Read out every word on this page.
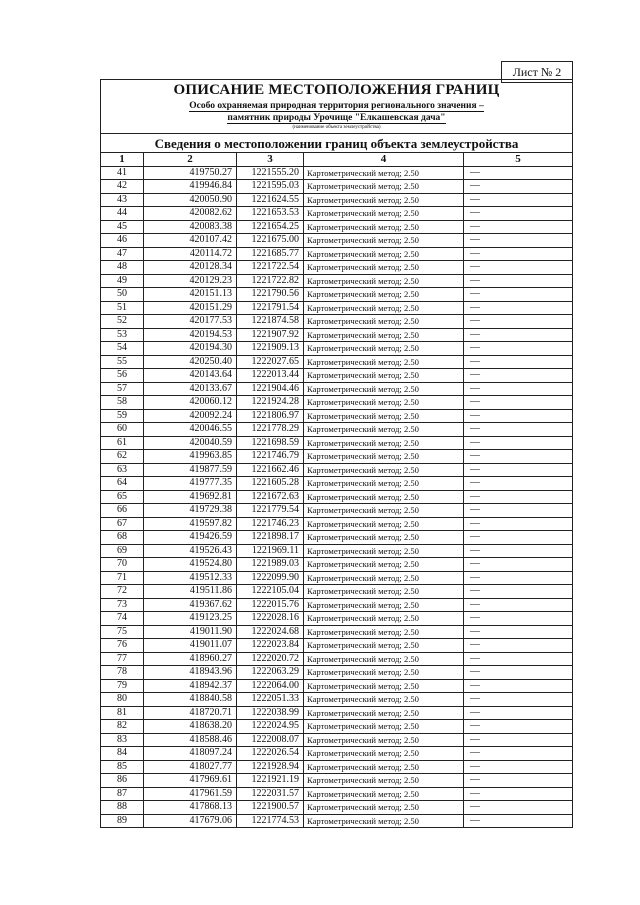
Лист № 2
ОПИСАНИЕ МЕСТОПОЛОЖЕНИЯ ГРАНИЦ
Особо охраняемая природная территория регионального значения –
памятник природы Урочище "Елкашевская дача"
(наименование объекта землеустройства)
Сведения о местоположении границ объекта землеустройства
1	2	3	4	5
41	419750.27	1221555.20	Картометрический метод; 2.50	—
42	419946.84	1221595.03	Картометрический метод; 2.50	—
43	420050.90	1221624.55	Картометрический метод; 2.50	—
44	420082.62	1221653.53	Картометрический метод; 2.50	—
45	420083.38	1221654.25	Картометрический метод; 2.50	—
46	420107.42	1221675.00	Картометрический метод; 2.50	—
47	420114.72	1221685.77	Картометрический метод; 2.50	—
48	420128.34	1221722.54	Картометрический метод; 2.50	—
49	420129.23	1221722.82	Картометрический метод; 2.50	—
50	420151.13	1221790.56	Картометрический метод; 2.50	—
51	420151.29	1221791.54	Картометрический метод; 2.50	—
52	420177.53	1221874.58	Картометрический метод; 2.50	—
53	420194.53	1221907.92	Картометрический метод; 2.50	—
54	420194.30	1221909.13	Картометрический метод; 2.50	—
55	420250.40	1222027.65	Картометрический метод; 2.50	—
56	420143.64	1222013.44	Картометрический метод; 2.50	—
57	420133.67	1221904.46	Картометрический метод; 2.50	—
58	420060.12	1221924.28	Картометрический метод; 2.50	—
59	420092.24	1221806.97	Картометрический метод; 2.50	—
60	420046.55	1221778.29	Картометрический метод; 2.50	—
61	420040.59	1221698.59	Картометрический метод; 2.50	—
62	419963.85	1221746.79	Картометрический метод; 2.50	—
63	419877.59	1221662.46	Картометрический метод; 2.50	—
64	419777.35	1221605.28	Картометрический метод; 2.50	—
65	419692.81	1221672.63	Картометрический метод; 2.50	—
66	419729.38	1221779.54	Картометрический метод; 2.50	—
67	419597.82	1221746.23	Картометрический метод; 2.50	—
68	419426.59	1221898.17	Картометрический метод; 2.50	—
69	419526.43	1221969.11	Картометрический метод; 2.50	—
70	419524.80	1221989.03	Картометрический метод; 2.50	—
71	419512.33	1222099.90	Картометрический метод; 2.50	—
72	419511.86	1222105.04	Картометрический метод; 2.50	—
73	419367.62	1222015.76	Картометрический метод; 2.50	—
74	419123.25	1222028.16	Картометрический метод; 2.50	—
75	419011.90	1222024.68	Картометрический метод; 2.50	—
76	419011.07	1222023.84	Картометрический метод; 2.50	—
77	418960.27	1222020.72	Картометрический метод; 2.50	—
78	418943.96	1222063.29	Картометрический метод; 2.50	—
79	418942.37	1222064.00	Картометрический метод; 2.50	—
80	418840.58	1222051.33	Картометрический метод; 2.50	—
81	418720.71	1222038.99	Картометрический метод; 2.50	—
82	418638.20	1222024.95	Картометрический метод; 2.50	—
83	418588.46	1222008.07	Картометрический метод; 2.50	—
84	418097.24	1222026.54	Картометрический метод; 2.50	—
85	418027.77	1221928.94	Картометрический метод; 2.50	—
86	417969.61	1221921.19	Картометрический метод; 2.50	—
87	417961.59	1222031.57	Картометрический метод; 2.50	—
88	417868.13	1221900.57	Картометрический метод; 2.50	—
89	417679.06	1221774.53	Картометрический метод; 2.50	—
